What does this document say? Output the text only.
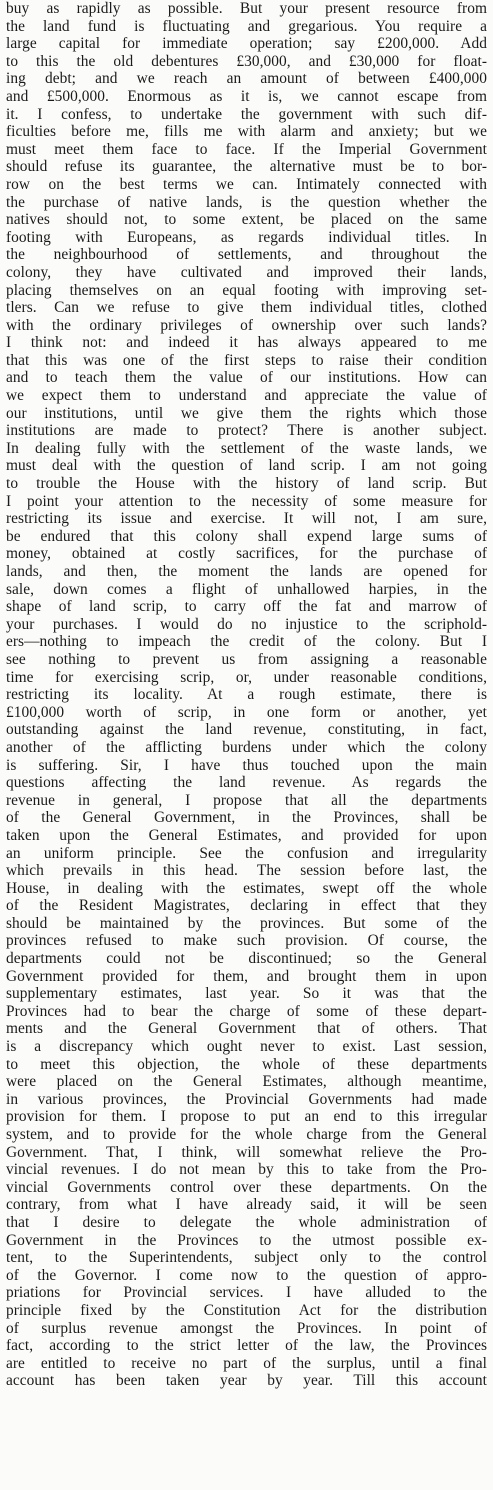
buy as rapidly as possible. But your present resource from
the land fund is fluctuating and gregarious. You require a
large capital for immediate operation; say £200,000. Add
to this the old debentures £30,000, and £30,000 for float-
ing debt; and we reach an amount of between £400,000
and £500,000. Enormous as it is, we cannot escape from
it. I confess, to undertake the government with such dif-
ficulties before me, fills me with alarm and anxiety; but we
must meet them face to face. If the Imperial Government
should refuse its guarantee, the alternative must be to bor-
row on the best terms we can. Intimately connected with
the purchase of native lands, is the question whether the
natives should not, to some extent, be placed on the same
footing with Europeans, as regards individual titles. In
the neighbourhood of settlements, and throughout the
colony, they have cultivated and improved their lands,
placing themselves on an equal footing with improving set-
tlers. Can we refuse to give them individual titles, clothed
with the ordinary privileges of ownership over such lands?
I think not: and indeed it has always appeared to me
that this was one of the first steps to raise their condition
and to teach them the value of our institutions. How can
we expect them to understand and appreciate the value of
our institutions, until we give them the rights which those
institutions are made to protect? There is another subject.
In dealing fully with the settlement of the waste lands, we
must deal with the question of land scrip. I am not going
to trouble the House with the history of land scrip. But
I point your attention to the necessity of some measure for
restricting its issue and exercise. It will not, I am sure,
be endured that this colony shall expend large sums of
money, obtained at costly sacrifices, for the purchase of
lands, and then, the moment the lands are opened for
sale, down comes a flight of unhallowed harpies, in the
shape of land scrip, to carry off the fat and marrow of
your purchases. I would do no injustice to the scriphold-
ers—nothing to impeach the credit of the colony. But I
see nothing to prevent us from assigning a reasonable
time for exercising scrip, or, under reasonable conditions,
restricting its locality. At a rough estimate, there is
£100,000 worth of scrip, in one form or another, yet
outstanding against the land revenue, constituting, in fact,
another of the afflicting burdens under which the colony
is suffering. Sir, I have thus touched upon the main
questions affecting the land revenue. As regards the
revenue in general, I propose that all the departments
of the General Government, in the Provinces, shall be
taken upon the General Estimates, and provided for upon
an uniform principle. See the confusion and irregularity
which prevails in this head. The session before last, the
House, in dealing with the estimates, swept off the whole
of the Resident Magistrates, declaring in effect that they
should be maintained by the provinces. But some of the
provinces refused to make such provision. Of course, the
departments could not be discontinued; so the General
Government provided for them, and brought them in upon
supplementary estimates, last year. So it was that the
Provinces had to bear the charge of some of these depart-
ments and the General Government that of others. That
is a discrepancy which ought never to exist. Last session,
to meet this objection, the whole of these departments
were placed on the General Estimates, although meantime,
in various provinces, the Provincial Governments had made
provision for them. I propose to put an end to this irregular
system, and to provide for the whole charge from the General
Government. That, I think, will somewhat relieve the Pro-
vincial revenues. I do not mean by this to take from the Pro-
vincial Governments control over these departments. On the
contrary, from what I have already said, it will be seen
that I desire to delegate the whole administration of
Government in the Provinces to the utmost possible ex-
tent, to the Superintendents, subject only to the control
of the Governor. I come now to the question of appro-
priations for Provincial services. I have alluded to the
principle fixed by the Constitution Act for the distribution
of surplus revenue amongst the Provinces. In point of
fact, according to the strict letter of the law, the Provinces
are entitled to receive no part of the surplus, until a final
account has been taken year by year. Till this account
